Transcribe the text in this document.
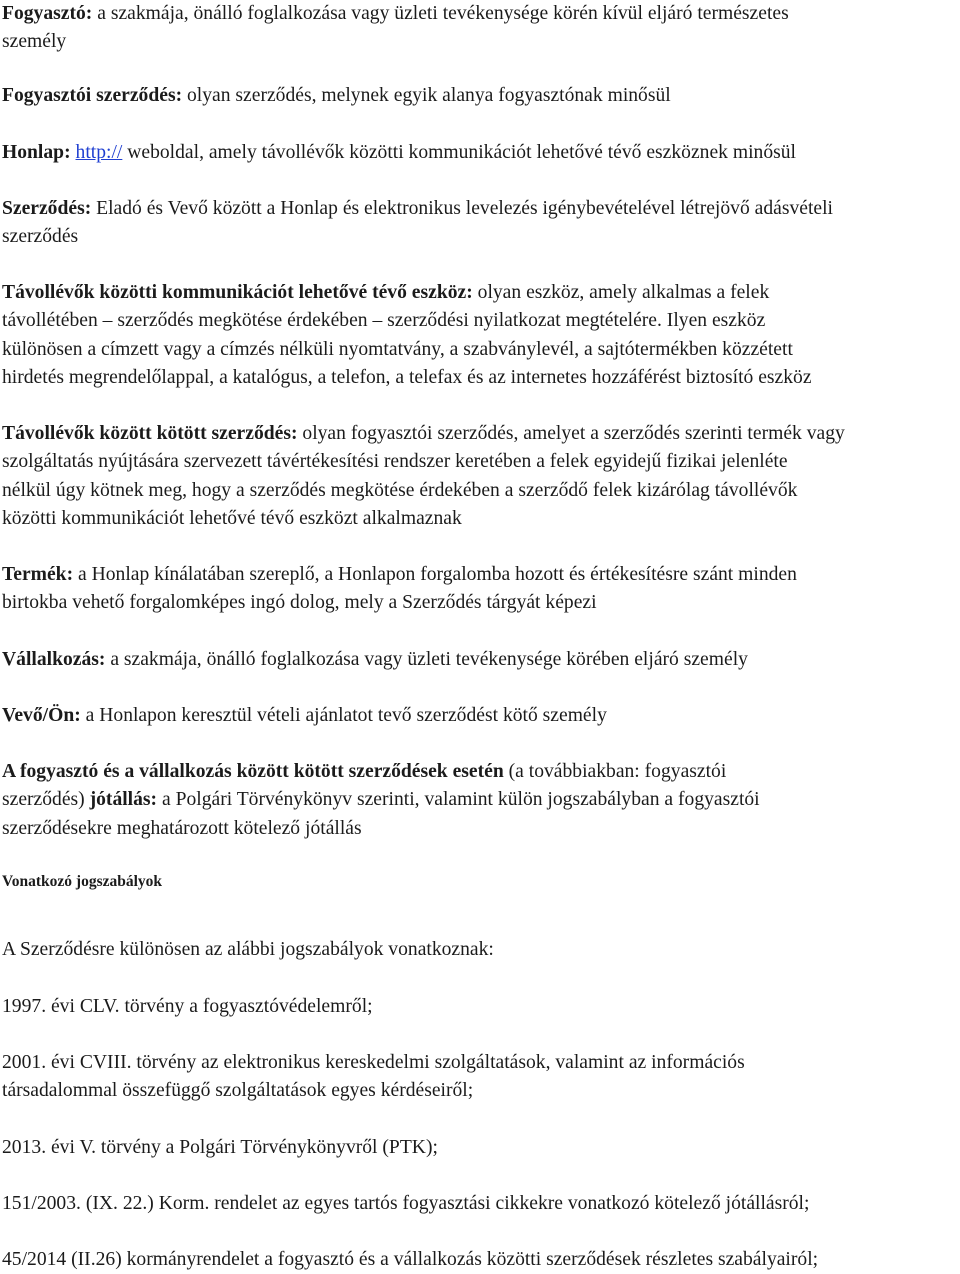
Fogyasztó: a szakmája, önálló foglalkozása vagy üzleti tevékenysége körén kívül eljáró természetes
személy

Fogyasztói szerződés: olyan szerződés, melynek egyik alanya fogyasztónak minősül

Honlap: http:// weboldal, amely távollévők közötti kommunikációt lehetővé tévő eszköznek minősül

Szerződés: Eladó és Vevő között a Honlap és elektronikus levelezés igénybevételével létrejövő adásvételi
szerződés

Távollévők közötti kommunikációt lehetővé tévő eszköz: olyan eszköz, amely alkalmas a felek
távollétében – szerződés megkötése érdekében – szerződési nyilatkozat megtételére. Ilyen eszköz
különösen a címzett vagy a címzés nélküli nyomtatvány, a szabványlevél, a sajtótermékben közzétett
hirdetés megrendelőlappal, a katalógus, a telefon, a telefax és az internetes hozzáférést biztosító eszköz

Távollévők között kötött szerződés: olyan fogyasztói szerződés, amelyet a szerződés szerinti termék vagy
szolgáltatás nyújtására szervezett távértékesítési rendszer keretében a felek egyidejű fizikai jelenléte
nélkül úgy kötnek meg, hogy a szerződés megkötése érdekében a szerződő felek kizárólag távollévők
közötti kommunikációt lehetővé tévő eszközt alkalmaznak

Termék: a Honlap kínálatában szereplő, a Honlapon forgalomba hozott és értékesítésre szánt minden
birtokba vehető forgalomképes ingó dolog, mely a Szerződés tárgyát képezi

Vállalkozás: a szakmája, önálló foglalkozása vagy üzleti tevékenysége körében eljáró személy

Vevő/Ön: a Honlapon keresztül vételi ajánlatot tevő szerződést kötő személy

A fogyasztó és a vállalkozás között kötött szerződések esetén (a továbbiakban: fogyasztói
szerződés) jótállás: a Polgári Törvénykönyv szerinti, valamint külön jogszabályban a fogyasztói
szerződésekre meghatározott kötelező jótállás

Vonatkozó jogszabályok

A Szerződésre különösen az alábbi jogszabályok vonatkoznak:

1997. évi CLV. törvény a fogyasztóvédelemről;

2001. évi CVIII. törvény az elektronikus kereskedelmi szolgáltatások, valamint az információs
társadalommal összefüggő szolgáltatások egyes kérdéseiről;

2013. évi V. törvény a Polgári Törvénykönyvről (PTK);

151/2003. (IX. 22.) Korm. rendelet az egyes tartós fogyasztási cikkekre vonatkozó kötelező jótállásról;

45/2014 (II.26) kormányrendelet a fogyasztó és a vállalkozás közötti szerződések részletes szabályairól;
